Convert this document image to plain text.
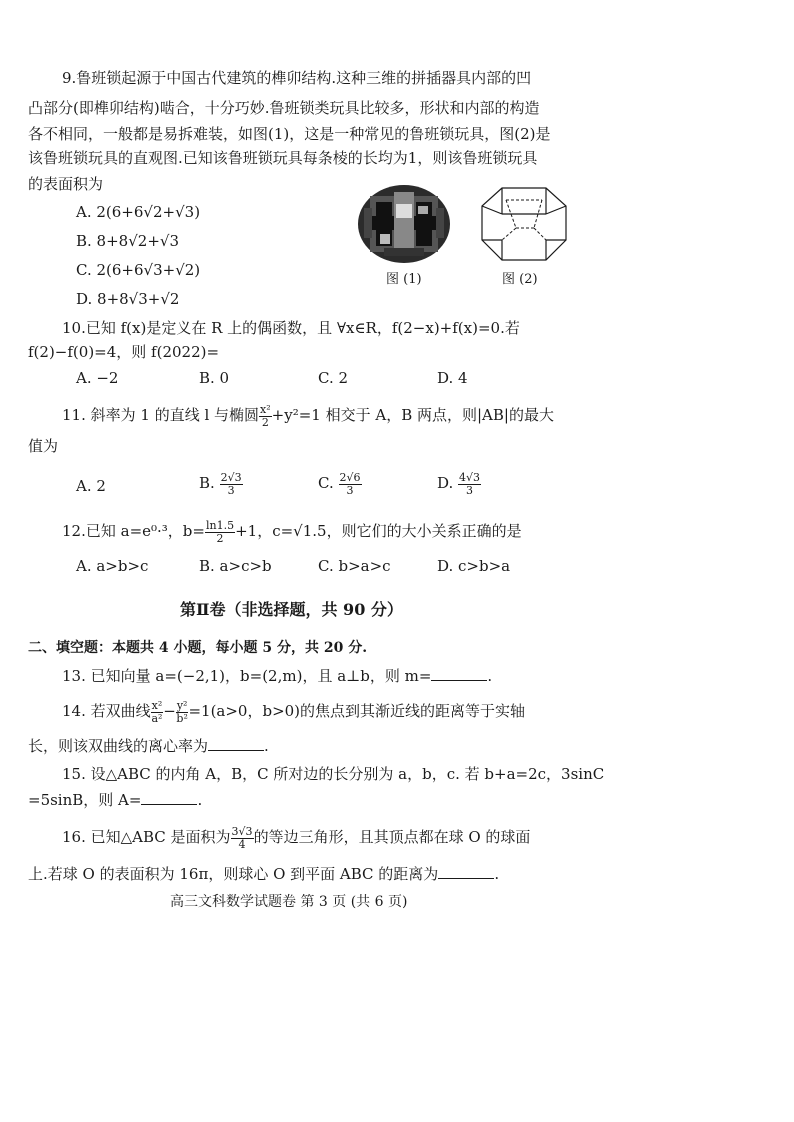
9.鲁班锁起源于中国古代建筑的榫卯结构.这种三维的拼插器具内部的凹
凸部分(即榫卯结构)啮合，十分巧妙.鲁班锁类玩具比较多，形状和内部的构造
各不相同，一般都是易拆难装，如图(1)，这是一种常见的鲁班锁玩具，图(2)是
该鲁班锁玩具的直观图.已知该鲁班锁玩具每条棱的长均为1，则该鲁班锁玩具
的表面积为
A. 2(6+6√2+√3)
B. 8+8√2+√3
C. 2(6+6√3+√2)
D. 8+8√3+√2
图 (1)	图 (2)
10.已知 f(x)是定义在 R 上的偶函数，且 ∀x∈R，f(2−x)+f(x)=0.若
f(2)−f(0)=4，则 f(2022)=
A. −2	B. 0	C. 2	D. 4
11. 斜率为 1 的直线 l 与椭圆 $\frac{\text{x²}}{2} +y^2=1$ 相交于 A，B 两点，则|AB|的最大
值为
A. 2	B. $\frac{2√3}{3}$	C. $\frac{2√6}{3}$	D. $\frac{4√3}{3}$
12.已知 a=e⁰·³，$b= \frac{\ln 1.5}{2} +1$，c=√1.5，则它们的大小关系正确的是
A. a>b>c	B. a>c>b	C. b>a>c	D. c>b>a
第Ⅱ卷（非选择题，共 90 分）
二、填空题：本题共 4 小题，每小题 5 分，共 20 分.
13. 已知向量 a=(−2,1)，b=(2,m)，且 a⊥b，则 m=	.
14. 若双曲线 $\frac{\text{x²}}{\text{a²}} - \frac{\text{y²}}{\text{b²}} =1(a>0$，b>0)的焦点到其渐近线的距离等于实轴
长，则该双曲线的离心率为	.
15. 设△ABC 的内角 A，B，C 所对边的长分别为 a，b，c. 若 b+a=2c，3sinC
=5sinB，则 A=	.
16. 已知△ABC 是面积为 $\frac{3√3}{4}$ 的等边三角形，且其顶点都在球 O 的球面
上.若球 O 的表面积为 16π，则球心 O 到平面 ABC 的距离为	.
高三文科数学试题卷 第 3 页 (共 6 页)
